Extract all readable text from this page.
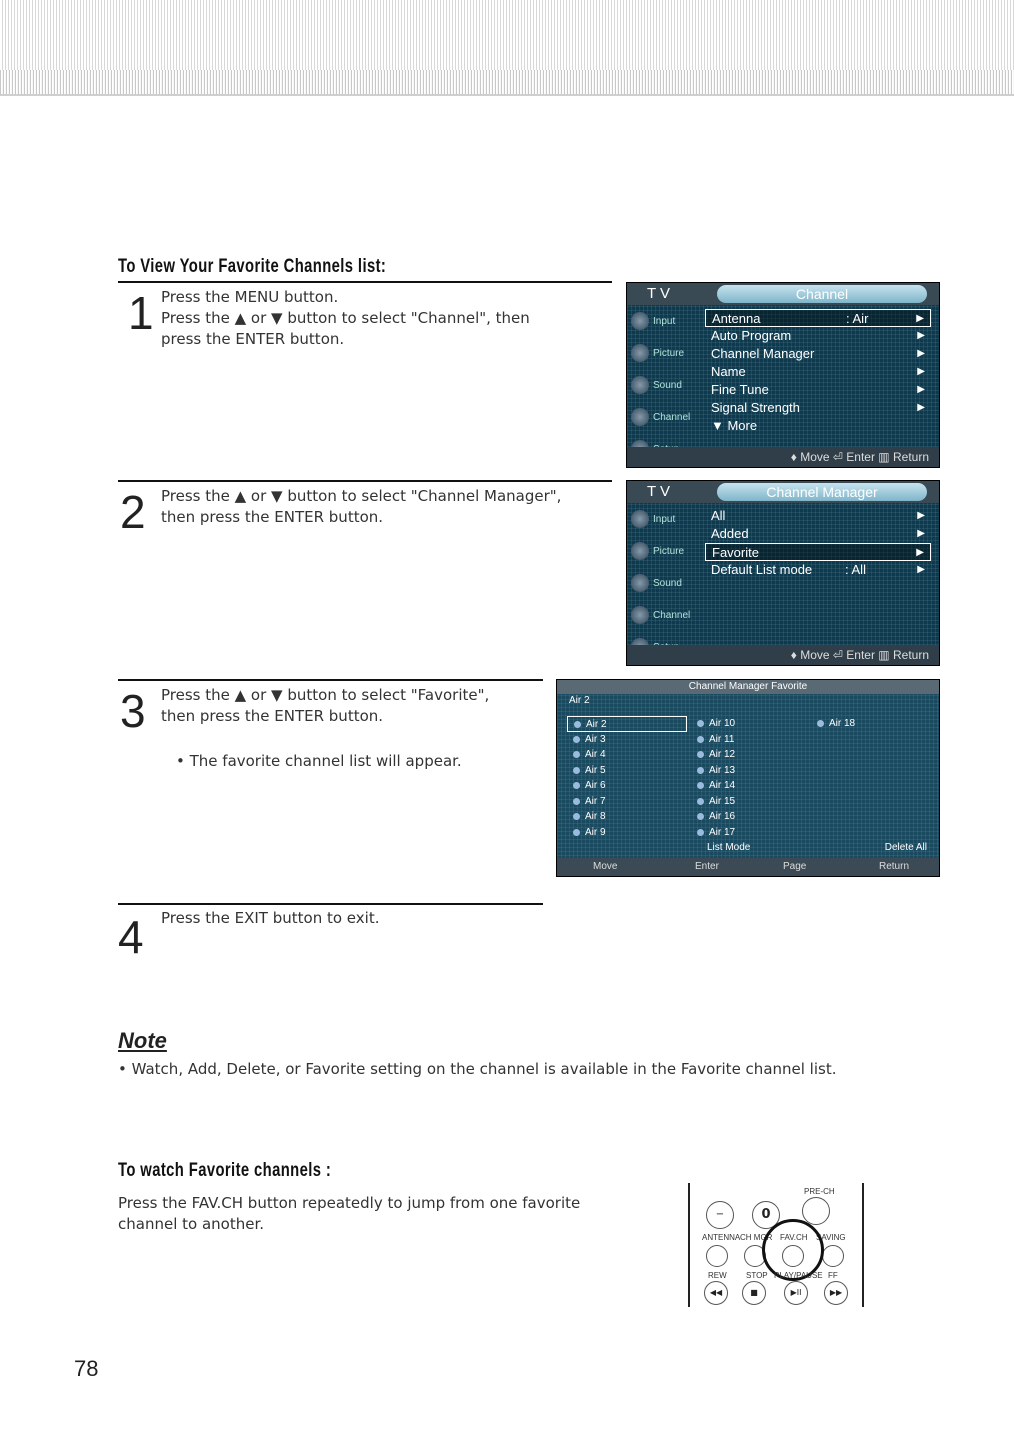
To View Your Favorite Channels list:
1 Press the MENU button.

Press the ▲ or ▼ button to select "Channel", then

press the ENTER button.

T V	Channel
Input
Picture
Sound
Channel
Antenna	: Air	▶
Auto Program	▶
Channel Manager	▶
Name	▶
Fine Tune	▶
Signal Strength	▶
▼ More
♦ Move ⏎ Enter ▥ Return
2 Press the ▲ or ▼ button to select "Channel Manager",

then press the ENTER button.

T V	Channel Manager
Input
Picture
Sound
Channel
All	▶
Added	▶
Favorite	▶
Default List mode	: All	▶
♦ Move ⏎ Enter ▥ Return
3 Press the ▲ or ▼ button to select "Favorite",

then press the ENTER button.

• The favorite channel list will appear.
Channel Manager Favorite
Air 2
Air 2
Air 3
Air 4
Air 5
Air 6
Air 7
Air 8
Air 9
Air 10
Air 11
Air 12
Air 13
Air 14
Air 15
Air 16
Air 17
Air 18
List Mode	Delete All
Move	Enter	Page	Return
4 Press the EXIT button to exit.

Note
• Watch, Add, Delete, or Favorite setting on the channel is available in the Favorite channel list.
To watch Favorite channels :

Press the FAV.CH button repeatedly to jump from one favorite

channel to another.

PRE-CH
−	0
ANTENNA CH MGR FAV.CH SAVING
REW STOP PLAY/PAUSE FF
◀◀	■	▶II	▶▶
78
